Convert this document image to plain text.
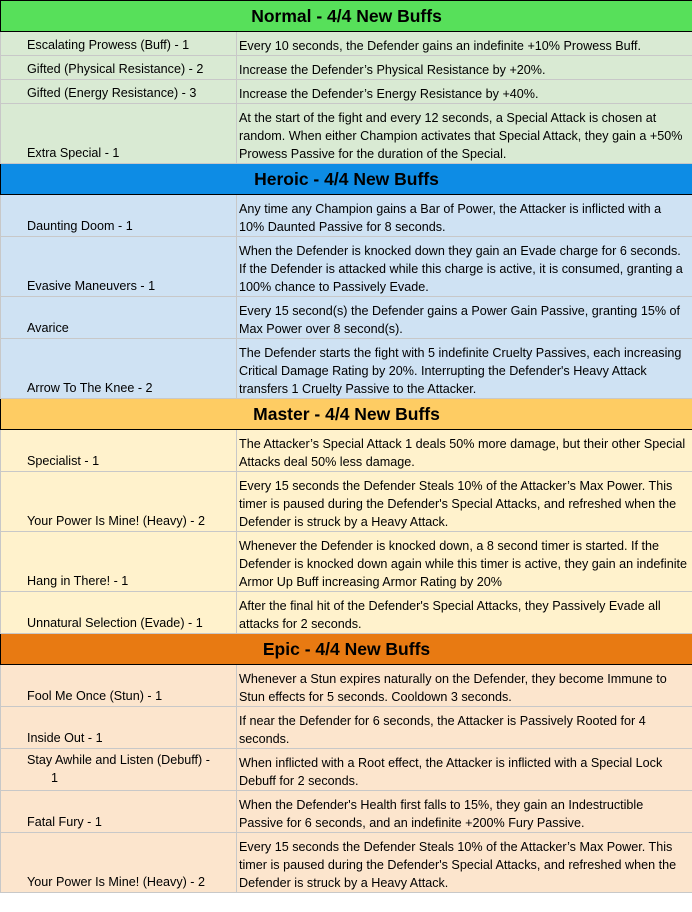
Normal - 4/4 New Buffs	
Escalating Prowess (Buff) - 1	Every 10 seconds, the Defender gains an indefinite +10% Prowess Buff.
Gifted (Physical Resistance) - 2	Increase the Defender’s Physical Resistance by +20%.
Gifted (Energy Resistance) - 3	Increase the Defender’s Energy Resistance by +40%.
Extra Special - 1	At the start of the fight and every 12 seconds, a Special Attack is chosen at random. When either Champion activates that Special Attack, they gain a +50% Prowess Passive for the duration of the Special.
Heroic - 4/4 New Buffs	
Daunting Doom - 1	Any time any Champion gains a Bar of Power, the Attacker is inflicted with a 10% Daunted Passive for 8 seconds.
Evasive Maneuvers - 1	When the Defender is knocked down they gain an Evade charge for 6 seconds. If the Defender is attacked while this charge is active, it is consumed, granting a 100% chance to Passively Evade.
Avarice	Every 15 second(s) the Defender gains a Power Gain Passive, granting 15% of Max Power over 8 second(s).
Arrow To The Knee - 2	The Defender starts the fight with 5 indefinite Cruelty Passives, each increasing Critical Damage Rating by 20%. Interrupting the Defender's Heavy Attack transfers 1 Cruelty Passive to the Attacker.
Master - 4/4 New Buffs	
Specialist - 1	The Attacker’s Special Attack 1 deals 50% more damage, but their other Special Attacks deal 50% less damage.
Your Power Is Mine! (Heavy) - 2	Every 15 seconds the Defender Steals 10% of the Attacker’s Max Power. This timer is paused during the Defender's Special Attacks, and refreshed when the Defender is struck by a Heavy Attack.
Hang in There! - 1	Whenever the Defender is knocked down, a 8 second timer is started. If the Defender is knocked down again while this timer is active, they gain an indefinite Armor Up Buff increasing Armor Rating by 20%
Unnatural Selection (Evade) - 1	After the final hit of the Defender's Special Attacks, they Passively Evade all attacks for 2 seconds.
Epic - 4/4 New Buffs	
Fool Me Once (Stun) - 1	Whenever a Stun expires naturally on the Defender, they become Immune to Stun effects for 5 seconds. Cooldown 3 seconds.
Inside Out - 1	If near the Defender for 6 seconds, the Attacker is Passively Rooted for 4 seconds.
Stay Awhile and Listen (Debuff) -
1	When inflicted with a Root effect, the Attacker is inflicted with a Special Lock Debuff for 2 seconds.
Fatal Fury - 1	When the Defender's Health first falls to 15%, they gain an Indestructible Passive for 6 seconds, and an indefinite +200% Fury Passive.
Your Power Is Mine! (Heavy) - 2	Every 15 seconds the Defender Steals 10% of the Attacker’s Max Power. This timer is paused during the Defender's Special Attacks, and refreshed when the Defender is struck by a Heavy Attack.
